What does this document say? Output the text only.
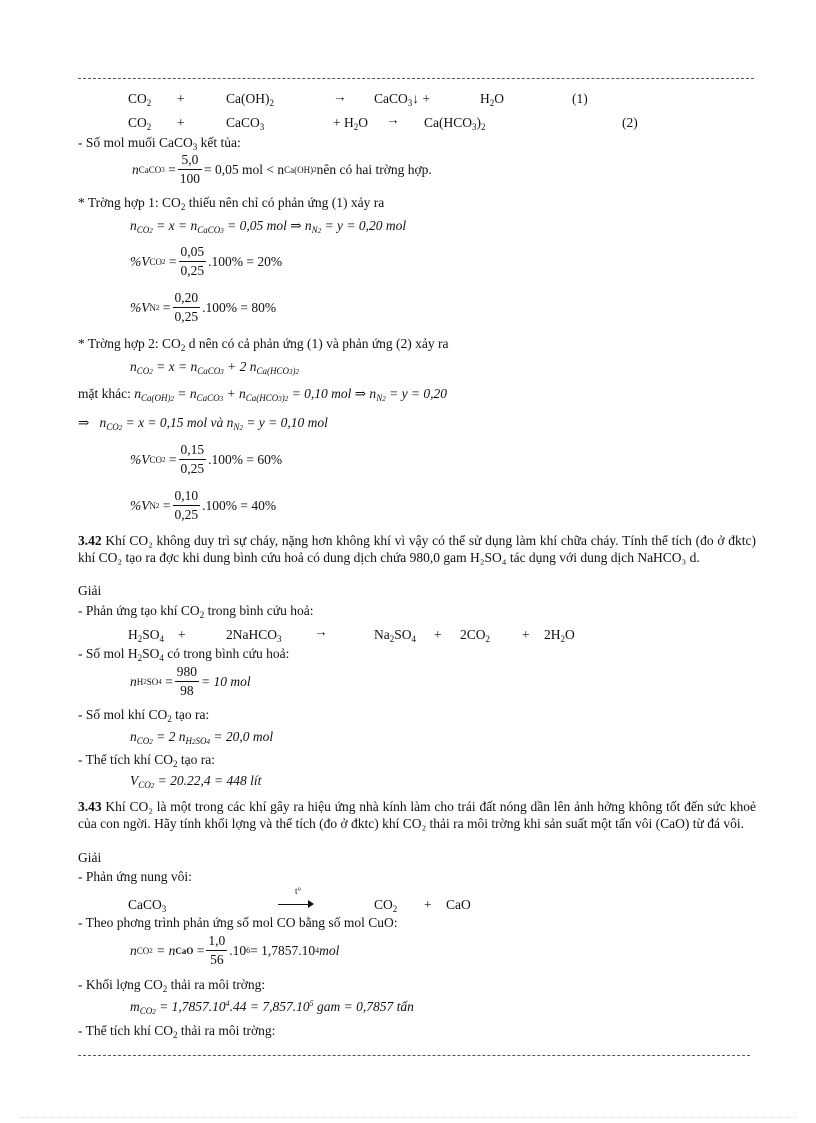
$CO_2$ +	$Ca(OH)_2$	→ CaCO$_3$↓ +	$H_2O$	(1)
$CO_2$ +	CaCO$_3$	+ $H_2O \to Ca(HCO_3)_2$	(2)
- Số mol muối CaCO$_3$ kết tủa:
n CaCO $3 = \frac{5,0}{100} = 0,05$ mol < n Ca(OH) 2 nên có hai trờng hợp.
* Trờng hợp 1: $CO_2$ thiếu nên chỉ có phản ứng (1) xảy ra
$n_{CO2} = x = n_{CaCO3} = 0,05$ mol ⇒ $n_{N2} = y = 0,20$ mol
%V CO $2 = \frac{0,05}{0,25} .100\% = 20\%$
%V N $2 = \frac{0,20}{0,25} .100\% = 80\%$
* Trờng hợp 2: $CO_2$ d nên có cả phản ứng (1) và phản ứng (2) xảy ra
$n_{CO2} = x = n_{CaCO3} + 2$ $n_{Ca(HCO3)2}$
mặt khác: $n_{Ca(OH)2} = n_{CaCO3} + n_{Ca(HCO3)2} = 0,10$ mol ⇒ $n_{N2} = y = 0,20$
⇒ $n_{CO2} = x = 0,15$ mol và $n_{N2} = y = 0,10$ mol
%V CO $2 = \frac{0,15}{0,25} .100\% = 60\%$
%V N $2 = \frac{0,10}{0,25} .100\% = 40\%$
3.42 Khí CO₂ không duy trì sự cháy, nặng hơn không khí vì vậy có thể sử dụng làm khí chữa cháy. Tính thể tích (đo ở đktc) khí CO₂ tạo ra đợc khi dung bình cứu hoả có dung dịch chứa 980,0 gam H₂SO₄ tác dụng với dung dịch NaHCO₃ d.
Giải
- Phản ứng tạo khí $CO_2$ trong bình cứu hoả:
$H_2SO_4$ +	2NaHCO$_3$ →	$Na_2SO_4 + 2CO_2 + 2H_2O$
- Số mol $H_2SO_4$ có trong bình cứu hoả:
n H 2 SO $4 = \frac{980}{98} = 10$ mol
- Số mol khí $CO_2$ tạo ra:
$n_{CO2} = 2$ $n_{H2SO4} = 20,0$ mol
- Thể tích khí $CO_2$ tạo ra:
$V_{CO2} = 20.22,4 = 448$ lít
3.43 Khí CO₂ là một trong các khí gây ra hiệu ứng nhà kính làm cho trái đất nóng dần lên ảnh hởng không tốt đến sức khoẻ của con ngời. Hãy tính khối lợng và thể tích (đo ở đktc) khí CO₂ thải ra môi trờng khi sản suất một tấn vôi (CaO) từ đá vôi.
Giải
- Phản ứng nung vôi:
CaCO$_3$
t°
$CO_2$ + CaO
- Theo phơng trình phản ứng số mol CO bằng số mol CuO:
n CO 2
= n CaO = $\frac{1,0}{56} .10$ 6 = 1,7857.10 4 mol
- Khối lợng $CO_2$ thải ra môi trờng:
$m_{CO2} = 1,7857.10^4.44 = 7,857.10^5$ gam = 0,7857 tấn
- Thể tích khí $CO_2$ thải ra môi trờng:
